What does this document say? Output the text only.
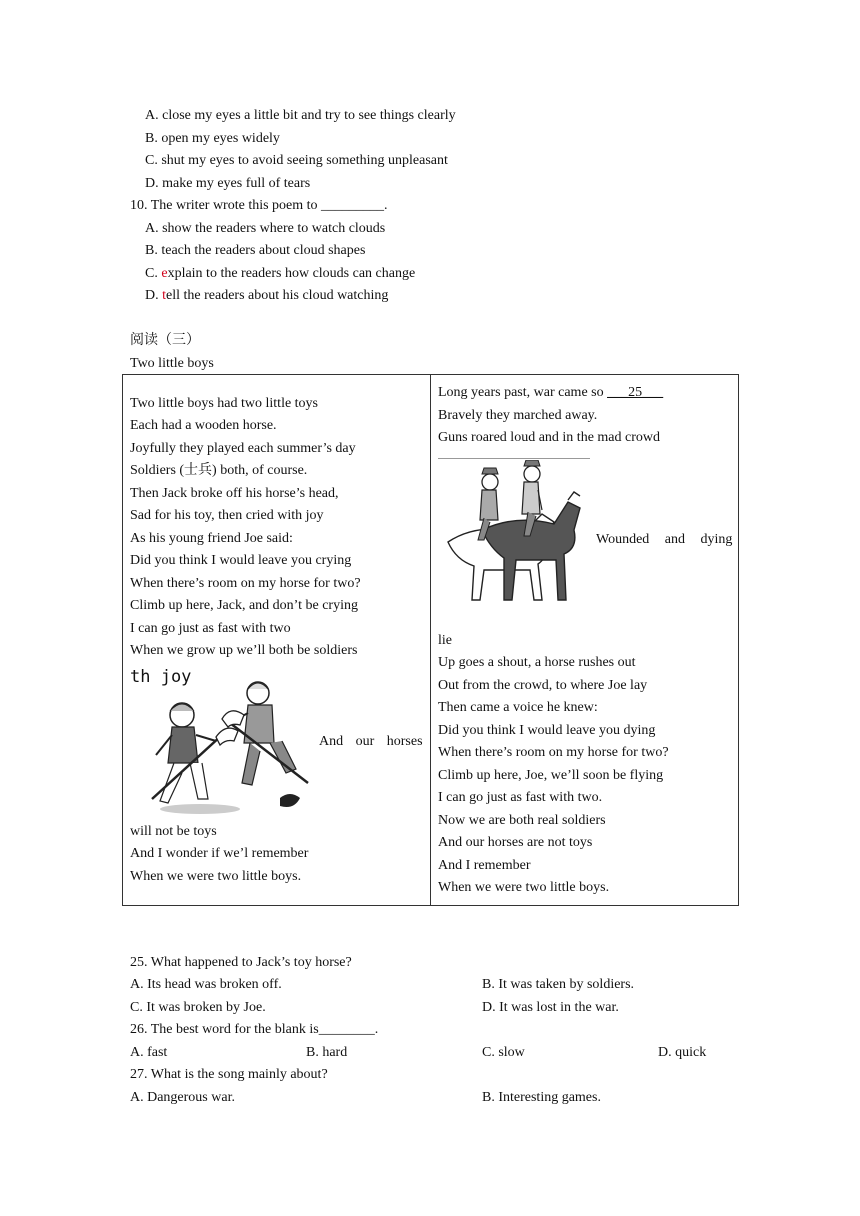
A. close my eyes a little bit and try to see things clearly
B. open my eyes widely
C. shut my eyes to avoid seeing something unpleasant
D. make my eyes full of tears
10. The writer wrote this poem to _________.
A. show the readers where to watch clouds
B. teach the readers about cloud shapes
C. explain to the readers how clouds can change
D. tell the readers about his cloud watching
阅读（三）
Two little boys
Two little boys had two little toys
Each had a wooden horse.
Joyfully they played each summer’s day
Soldiers (士兵) both, of course.
Then Jack broke off his horse’s head,
Sad for his toy, then cried with joy
As his young friend Joe said:
Did you think I would leave you crying
When there’s room on my horse for two?
Climb up here, Jack, and don’t be crying
I can go just as fast with two
When we grow up we’ll both be soldiers
th joy
And our horses
will not be toys
And I wonder if we’l remember
When we were two little boys.
Long years past, war came so ___25___
Bravely they marched away.
Guns roared loud and in the mad crowd
Wounded and dying
lie
Up goes a shout, a horse rushes out
Out from the crowd, to where Joe lay
Then came a voice he knew:
Did you think I would leave you dying
When there’s room on my horse for two?
Climb up here, Joe, we’ll soon be flying
I can go just as fast with two.
Now we are both real soldiers
And our horses are not toys
And I remember
When we were two little boys.
25. What happened to Jack’s toy horse?
A. Its head was broken off.	B. It was taken by soldiers.
C. It was broken by Joe.	D. It was lost in the war.
26. The best word for the blank is________.
A. fast	B. hard	C. slow	D. quick
27. What is the song mainly about?
A. Dangerous war.	B. Interesting games.
